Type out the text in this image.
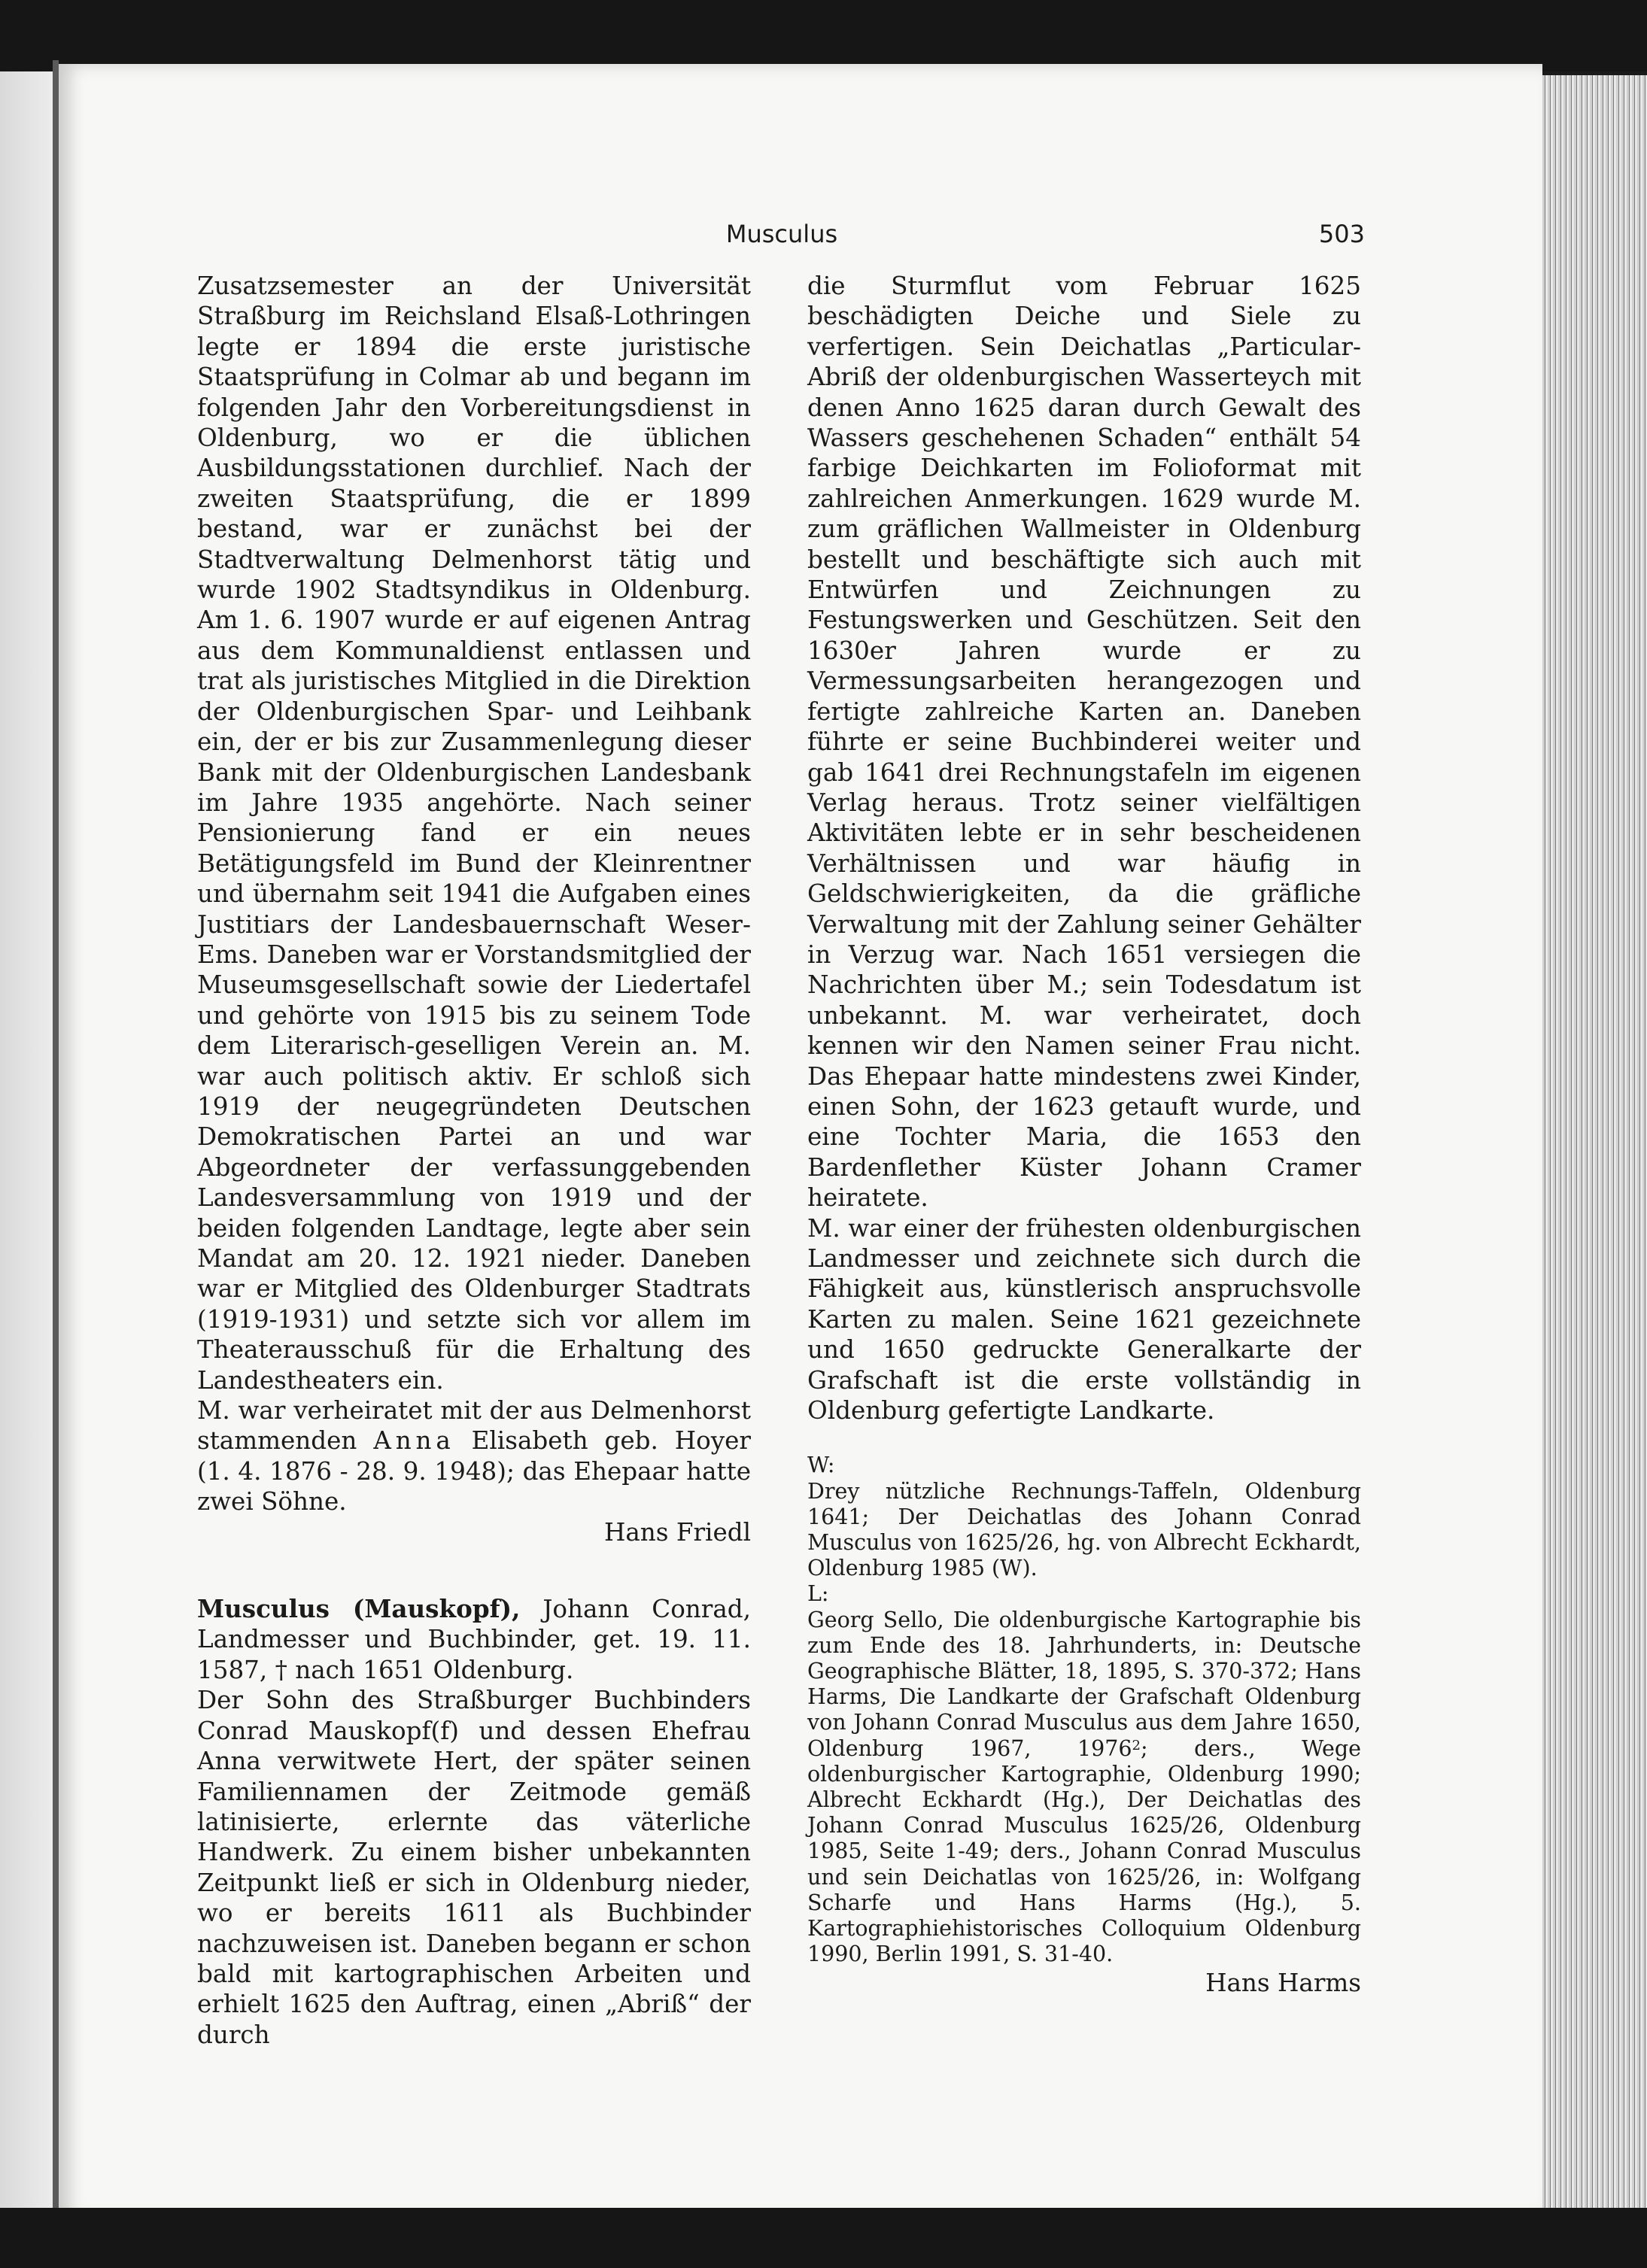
Musculus	503

Zusatzsemester an der Universität Straßburg im Reichsland Elsaß-Lothringen legte er 1894 die erste juristische Staatsprüfung in Colmar ab und begann im folgenden Jahr den Vorbereitungsdienst in Oldenburg, wo er die üblichen Ausbildungsstationen durchlief. Nach der zweiten Staatsprüfung, die er 1899 bestand, war er zunächst bei der Stadtverwaltung Delmenhorst tätig und wurde 1902 Stadtsyndikus in Oldenburg. Am 1. 6. 1907 wurde er auf eigenen Antrag aus dem Kommunaldienst entlassen und trat als juristisches Mitglied in die Direktion der Oldenburgischen Spar- und Leihbank ein, der er bis zur Zusammenlegung dieser Bank mit der Oldenburgischen Landesbank im Jahre 1935 angehörte. Nach seiner Pensionierung fand er ein neues Betätigungsfeld im Bund der Kleinrentner und übernahm seit 1941 die Aufgaben eines Justitiars der Landesbauernschaft Weser-Ems. Daneben war er Vorstandsmitglied der Museumsgesellschaft sowie der Liedertafel und gehörte von 1915 bis zu seinem Tode dem Literarisch-geselligen Verein an. M. war auch politisch aktiv. Er schloß sich 1919 der neugegründeten Deutschen Demokratischen Partei an und war Abgeordneter der verfassunggebenden Landesversammlung von 1919 und der beiden folgenden Landtage, legte aber sein Mandat am 20. 12. 1921 nieder. Daneben war er Mitglied des Oldenburger Stadtrats (1919-1931) und setzte sich vor allem im Theaterausschuß für die Erhaltung des Landestheaters ein.

M. war verheiratet mit der aus Delmenhorst stammenden Anna Elisabeth geb. Hoyer (1. 4. 1876 - 28. 9. 1948); das Ehepaar hatte zwei Söhne.

Hans Friedl

Musculus (Mauskopf), Johann Conrad, Landmesser und Buchbinder, get. 19. 11. 1587, † nach 1651 Oldenburg.

Der Sohn des Straßburger Buchbinders Conrad Mauskopf(f) und dessen Ehefrau Anna verwitwete Hert, der später seinen Familiennamen der Zeitmode gemäß latinisierte, erlernte das väterliche Handwerk. Zu einem bisher unbekannten Zeitpunkt ließ er sich in Oldenburg nieder, wo er bereits 1611 als Buchbinder nachzuweisen ist. Daneben begann er schon bald mit kartographischen Arbeiten und erhielt 1625 den Auftrag, einen „Abriß“ der durch

die Sturmflut vom Februar 1625 beschädigten Deiche und Siele zu verfertigen. Sein Deichatlas „Particular-Abriß der oldenburgischen Wasserteych mit denen Anno 1625 daran durch Gewalt des Wassers geschehenen Schaden“ enthält 54 farbige Deichkarten im Folioformat mit zahlreichen Anmerkungen. 1629 wurde M. zum gräflichen Wallmeister in Oldenburg bestellt und beschäftigte sich auch mit Entwürfen und Zeichnungen zu Festungswerken und Geschützen. Seit den 1630er Jahren wurde er zu Vermessungsarbeiten herangezogen und fertigte zahlreiche Karten an. Daneben führte er seine Buchbinderei weiter und gab 1641 drei Rechnungstafeln im eigenen Verlag heraus. Trotz seiner vielfältigen Aktivitäten lebte er in sehr bescheidenen Verhältnissen und war häufig in Geldschwierigkeiten, da die gräfliche Verwaltung mit der Zahlung seiner Gehälter in Verzug war. Nach 1651 versiegen die Nachrichten über M.; sein Todesdatum ist unbekannt. M. war verheiratet, doch kennen wir den Namen seiner Frau nicht. Das Ehepaar hatte mindestens zwei Kinder, einen Sohn, der 1623 getauft wurde, und eine Tochter Maria, die 1653 den Bardenflether Küster Johann Cramer heiratete.

M. war einer der frühesten oldenburgischen Landmesser und zeichnete sich durch die Fähigkeit aus, künstlerisch anspruchsvolle Karten zu malen. Seine 1621 gezeichnete und 1650 gedruckte Generalkarte der Grafschaft ist die erste vollständig in Oldenburg gefertigte Landkarte.

W:

Drey nützliche Rechnungs-Taffeln, Oldenburg 1641; Der Deichatlas des Johann Conrad Musculus von 1625/26, hg. von Albrecht Eckhardt, Oldenburg 1985 (W).

L:

Georg Sello, Die oldenburgische Kartographie bis zum Ende des 18. Jahrhunderts, in: Deutsche Geographische Blätter, 18, 1895, S. 370-372; Hans Harms, Die Landkarte der Grafschaft Oldenburg von Johann Conrad Musculus aus dem Jahre 1650, Oldenburg 1967, 1976$^2$; ders., Wege oldenburgischer Kartographie, Oldenburg 1990; Albrecht Eckhardt (Hg.), Der Deichatlas des Johann Conrad Musculus 1625/26, Oldenburg 1985, Seite 1-49; ders., Johann Conrad Musculus und sein Deichatlas von 1625/26, in: Wolfgang Scharfe und Hans Harms (Hg.), 5. Kartographiehistorisches Colloquium Oldenburg 1990, Berlin 1991, S. 31-40.

Hans Harms
